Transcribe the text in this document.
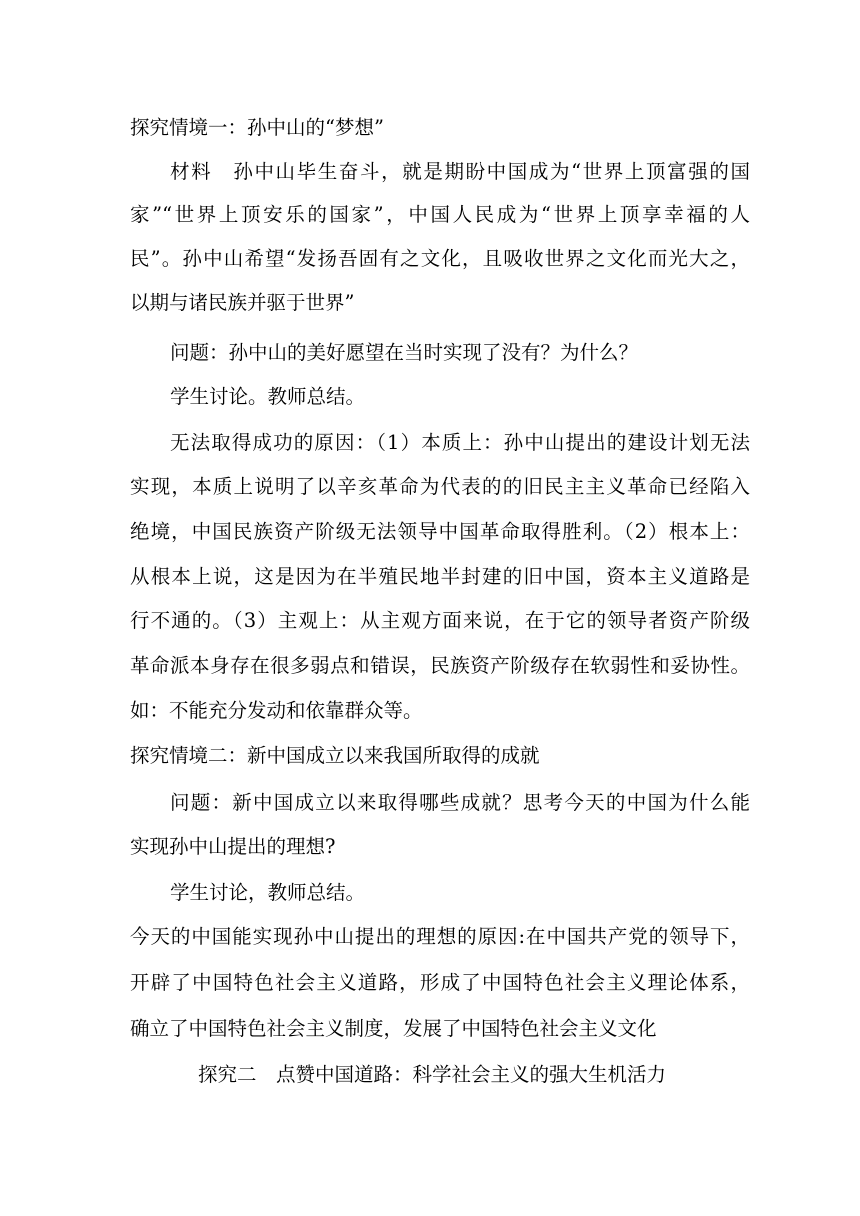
探究情境一：孙中山的“梦想”
材料　孙中山毕生奋斗，就是期盼中国成为“世界上顶富强的国
家”“世界上顶安乐的国家”，中国人民成为“世界上顶享幸福的人
民”。孙中山希望“发扬吾固有之文化，且吸收世界之文化而光大之，
以期与诸民族并驱于世界”
问题：孙中山的美好愿望在当时实现了没有？为什么？
学生讨论。教师总结。
无法取得成功的原因：（1）本质上：孙中山提出的建设计划无法
实现，本质上说明了以辛亥革命为代表的的旧民主主义革命已经陷入
绝境，中国民族资产阶级无法领导中国革命取得胜利。（2）根本上：
从根本上说，这是因为在半殖民地半封建的旧中国，资本主义道路是
行不通的。（3）主观上：从主观方面来说，在于它的领导者资产阶级
革命派本身存在很多弱点和错误，民族资产阶级存在软弱性和妥协性。
如：不能充分发动和依靠群众等。
探究情境二：新中国成立以来我国所取得的成就
问题：新中国成立以来取得哪些成就？思考今天的中国为什么能
实现孙中山提出的理想?
学生讨论，教师总结。
今天的中国能实现孙中山提出的理想的原因:在中国共产党的领导下，
开辟了中国特色社会主义道路，形成了中国特色社会主义理论体系，
确立了中国特色社会主义制度，发展了中国特色社会主义文化
探究二　点赞中国道路：科学社会主义的强大生机活力
